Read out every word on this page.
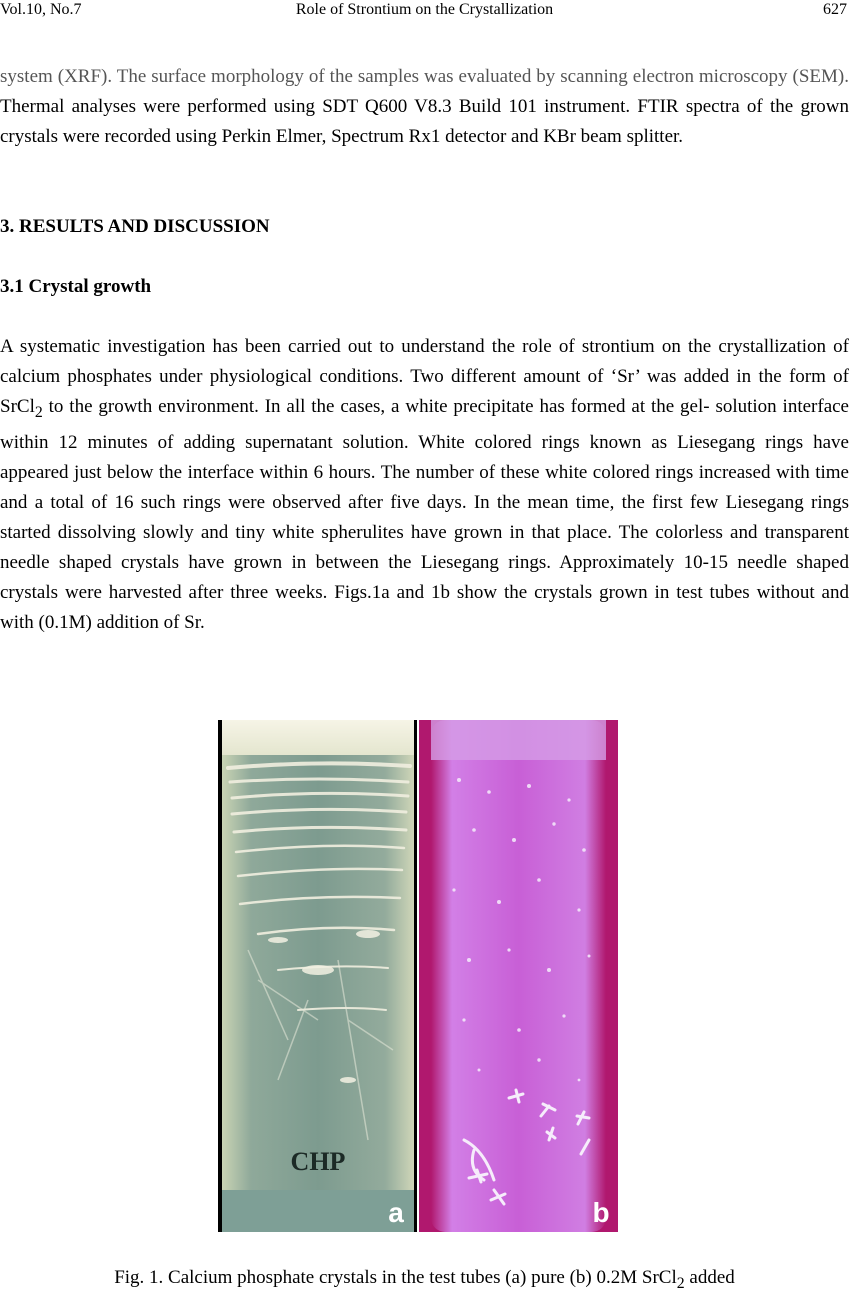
Vol.10, No.7	Role of Strontium on the Crystallization	627

system (XRF). The surface morphology of the samples was evaluated by scanning electron microscopy (SEM). Thermal analyses were performed using SDT Q600 V8.3 Build 101 instrument. FTIR spectra of the grown crystals were recorded using Perkin Elmer, Spectrum Rx1 detector and KBr beam splitter.

3. RESULTS AND DISCUSSION
3.1 Crystal growth

A systematic investigation has been carried out to understand the role of strontium on the crystallization of calcium phosphates under physiological conditions. Two different amount of ‘Sr’ was added in the form of SrCl$_2$ to the growth environment. In all the cases, a white precipitate has formed at the gel- solution interface within 12 minutes of adding supernatant solution. White colored rings known as Liesegang rings have appeared just below the interface within 6 hours. The number of these white colored rings increased with time and a total of 16 such rings were observed after five days. In the mean time, the first few Liesegang rings started dissolving slowly and tiny white spherulites have grown in that place. The colorless and transparent needle shaped crystals have grown in between the Liesegang rings. Approximately 10-15 needle shaped crystals were harvested after three weeks. Figs.1a and 1b show the crystals grown in test tubes without and with (0.1M) addition of Sr.

CHP
a	b

Fig. 1. Calcium phosphate crystals in the test tubes (a) pure (b) 0.2M SrCl$_2$ added
